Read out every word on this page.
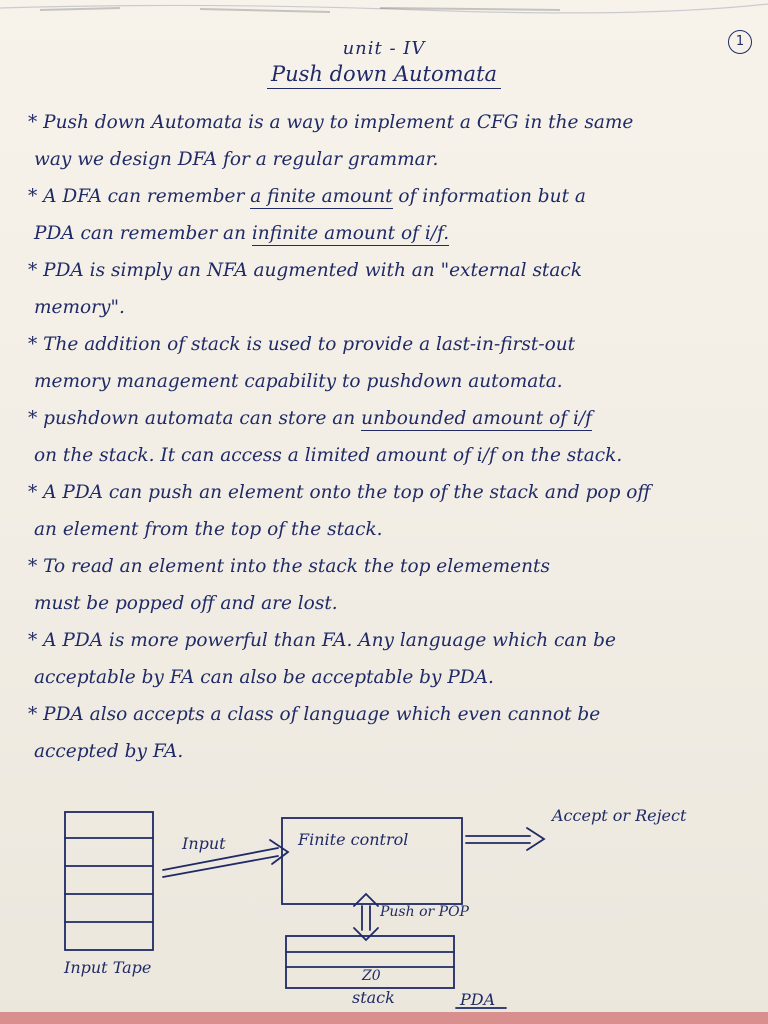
1
unit - IV
Push down Automata
* Push down Automata is a way to implement a CFG in the same
way we design DFA for a regular grammar.
* A DFA can remember a finite amount of information but a
PDA can remember an infinite amount of i/f.
* PDA is simply an NFA augmented with an "external stack
memory".
* The addition of stack is used to provide a last-in-first-out
memory management capability to pushdown automata.
* pushdown automata can store an unbounded amount of i/f
on the stack. It can access a limited amount of i/f on the stack.
* A PDA can push an element onto the top of the stack and pop off
an element from the top of the stack.
* To read an element into the stack the top elemements
must be popped off and are lost.
* A PDA is more powerful than FA. Any language which can be
acceptable by FA can also be acceptable by PDA.
* PDA also accepts a class of language which even cannot be
accepted by FA.
Input	Finite control
Accept or Reject
Push or POP
Input Tape	Z0
stack	PDA
